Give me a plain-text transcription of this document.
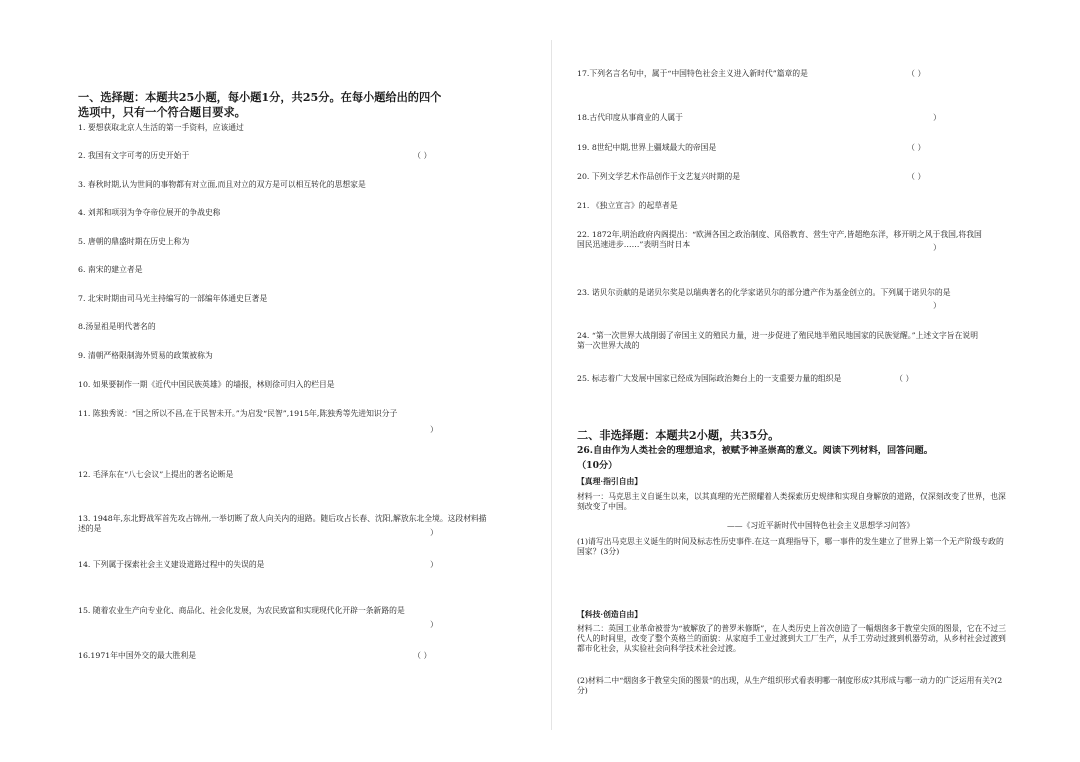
一、选择题：本题共25小题，每小题1分，共25分。在每小题给出的四个
选项中，只有一个符合题目要求。
1. 要想获取北京人生活的第一手资料，应该通过
2. 我国有文字可考的历史开始于	（ ）
3. 春秋时期,认为世间的事物都有对立面,而且对立的双方是可以相互转化的思想家是
4. 刘邦和项羽为争夺帝位展开的争战史称
5. 唐朝的鼎盛时期在历史上称为
6. 南宋的建立者是
7. 北宋时期由司马光主持编写的一部编年体通史巨著是
8.汤显祖是明代著名的
9. 清朝严格限制海外贸易的政策被称为
10. 如果要制作一期《近代中国民族英雄》的墙报，林则徐可归入的栏目是
11. 陈独秀说：“国之所以不昌,在于民智未开。”为启发“民智”,1915年,陈独秀等先进知识分子
）
12. 毛泽东在“八七会议”上提出的著名论断是
13. 1948年,东北野战军首先攻占锦州,一举切断了敌人向关内的退路。随后攻占长春、沈阳,解放东北全境。这段材料描述的是	）
14. 下列属于探索社会主义建设道路过程中的失误的是	）
15. 随着农业生产向专业化、商品化、社会化发展，为农民致富和实现现代化开辟一条新路的是
）
16.1971年中国外交的最大胜利是	（ ）
17.下列名言名句中，属于“中国特色社会主义进入新时代”篇章的是	（ ）
18.古代印度从事商业的人属于	）
19. 8世纪中期,世界上疆域最大的帝国是	（ ）
20. 下列文学艺术作品创作于文艺复兴时期的是	（ ）
21. 《独立宣言》的起草者是
22. 1872年,明治政府内阁提出：“欧洲各国之政治制度、风俗教育、营生守产,皆超绝东洋，移开明之风于我国,将我国国民迅速进步……”表明当时日本	）
23. 诺贝尔贡献的是诺贝尔奖是以瑞典著名的化学家诺贝尔的部分遗产作为基金创立的。下列属于诺贝尔的是
）
24. “第一次世界大战削弱了帝国主义的殖民力量，进一步促进了殖民地半殖民地国家的民族觉醒。”上述文字旨在说明第一次世界大战的
25. 标志着广大发展中国家已经成为国际政治舞台上的一支重要力量的组织是	（ ）
二、非选择题：本题共2小题，共35分。
26.自由作为人类社会的理想追求，被赋予神圣崇高的意义。阅读下列材料，回答问题。
（10分）
【真理·指引自由】
材料一：马克思主义自诞生以来，以其真理的光芒照耀着人类探索历史规律和实现自身解放的道路，仅深刻改变了世界，也深刻改变了中国。
——《习近平新时代中国特色社会主义思想学习问答》
(1)请写出马克思主义诞生的时间及标志性历史事件.在这一真理指导下，哪一事件的发生建立了世界上第一个无产阶级专政的国家？(3分)
【科技·创造自由】
材料二：英国工业革命被誉为“被解放了的普罗米修斯”，在人类历史上首次创造了一幅烟囱多于教堂尖顶的图景，它在不过三代人的时间里，改变了整个英格兰的面貌：从家庭手工业过渡到大工厂生产，从手工劳动过渡到机器劳动，从乡村社会过渡到都市化社会，从实验社会向科学技术社会过渡。
(2)材料二中“烟囱多于教堂尖顶的图景”的出现，从生产组织形式看表明哪一制度形成?其形成与哪一动力的广泛运用有关?(2分)
